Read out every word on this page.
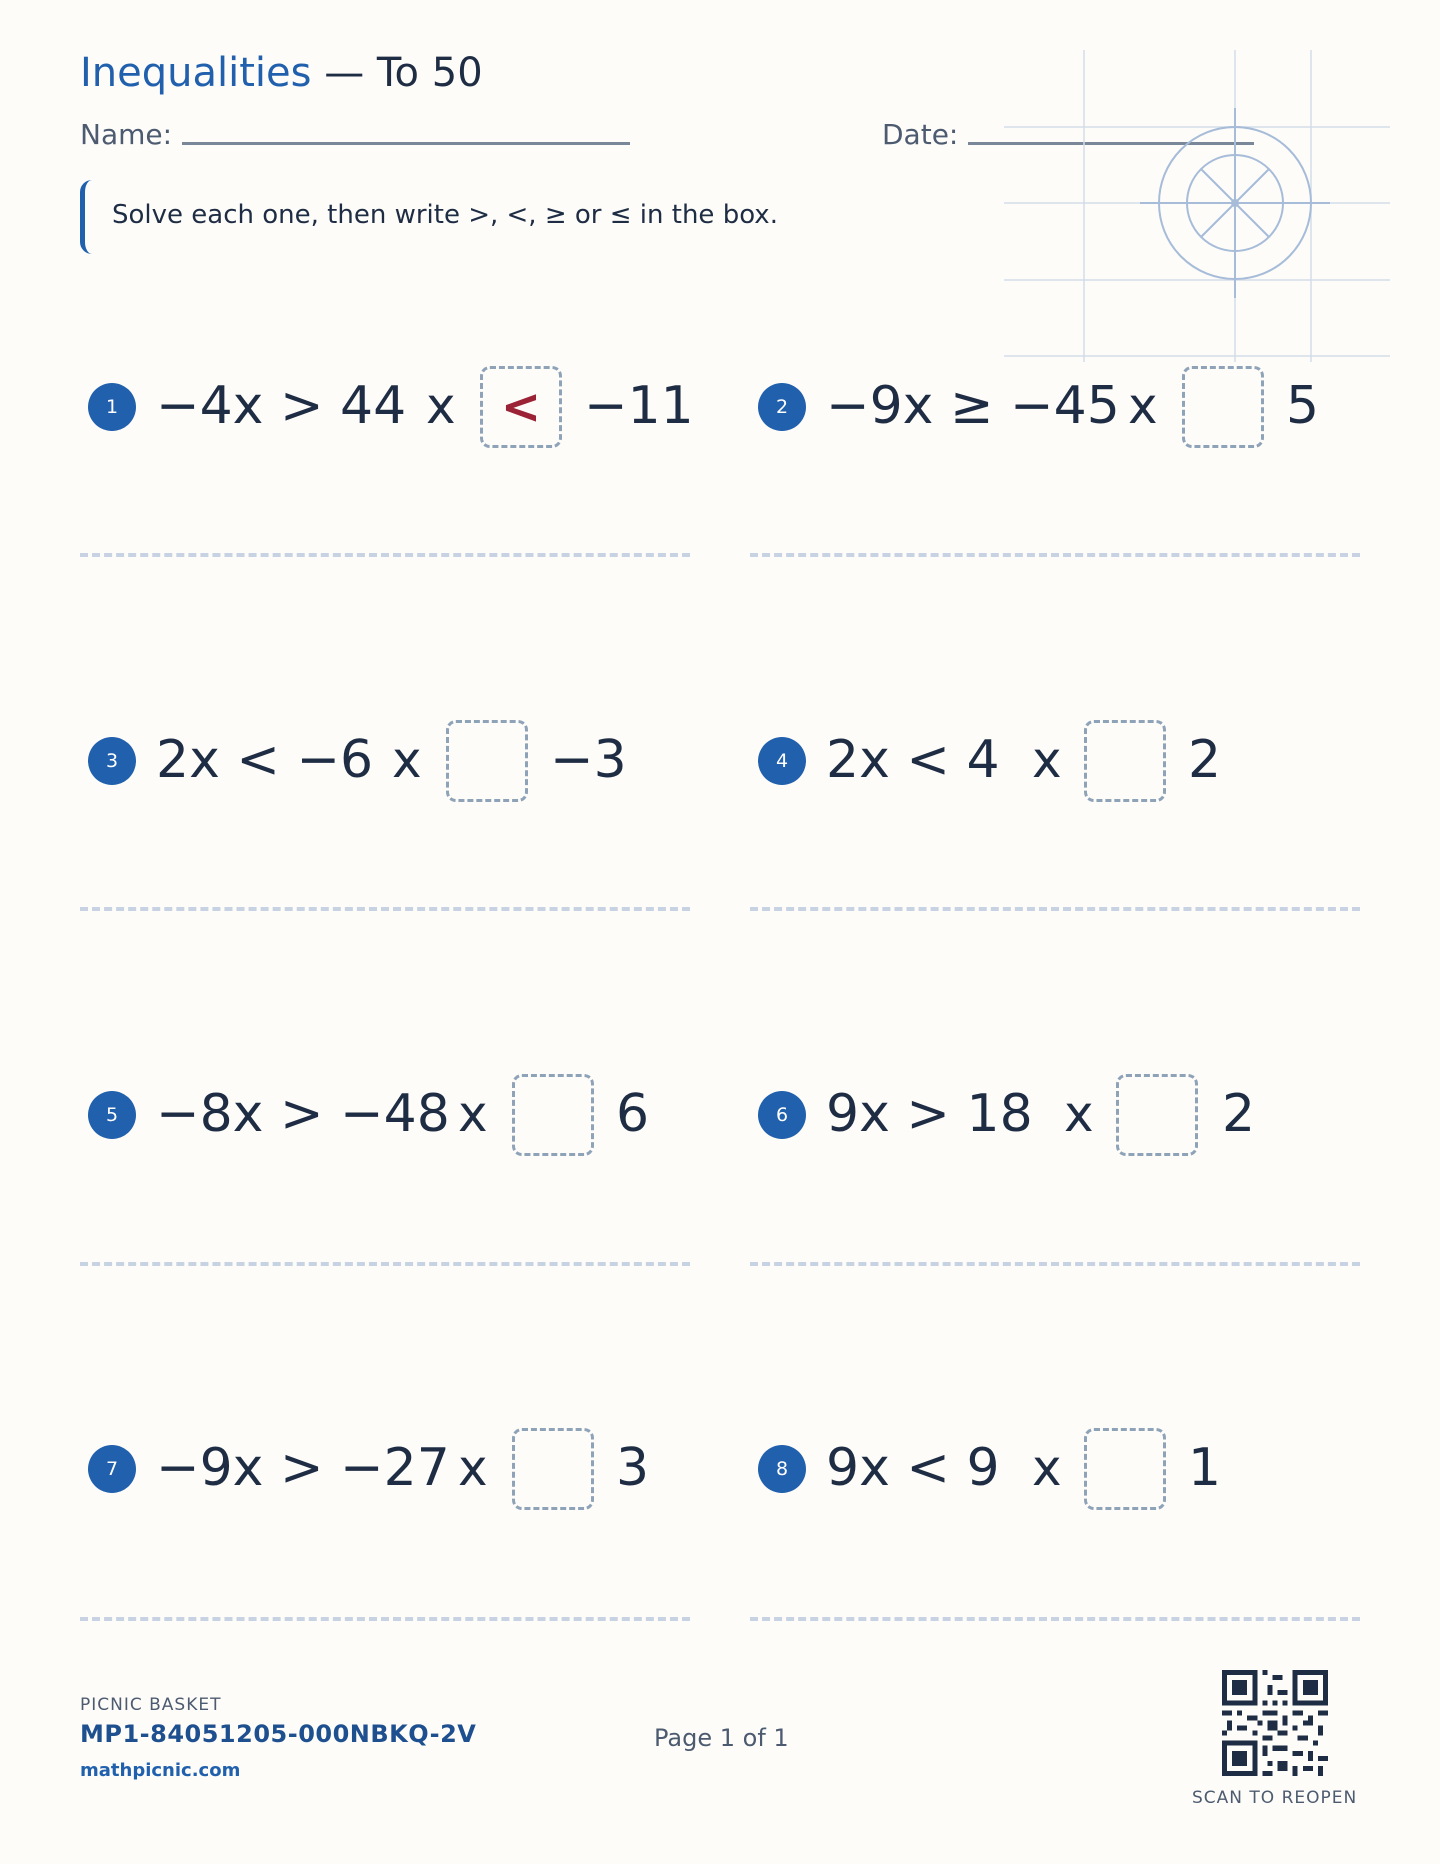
Inequalities — To 50
Name:	Date:
Solve each one, then write >, <, ≥ or ≤ in the box.
1 −4x > 44 x < −11	2 −9x ≥ −45 x 5
3 2x < −6 x −3	4 2x < 4 x 2
5 −8x > −48 x 6	6 9x > 18 x 2
7 −9x > −27 x 3	8 9x < 9 x 1
PICNIC BASKET
MP1-84051205-000NBKQ-2V
mathpicnic.com
Page 1 of 1
SCAN TO REOPEN
